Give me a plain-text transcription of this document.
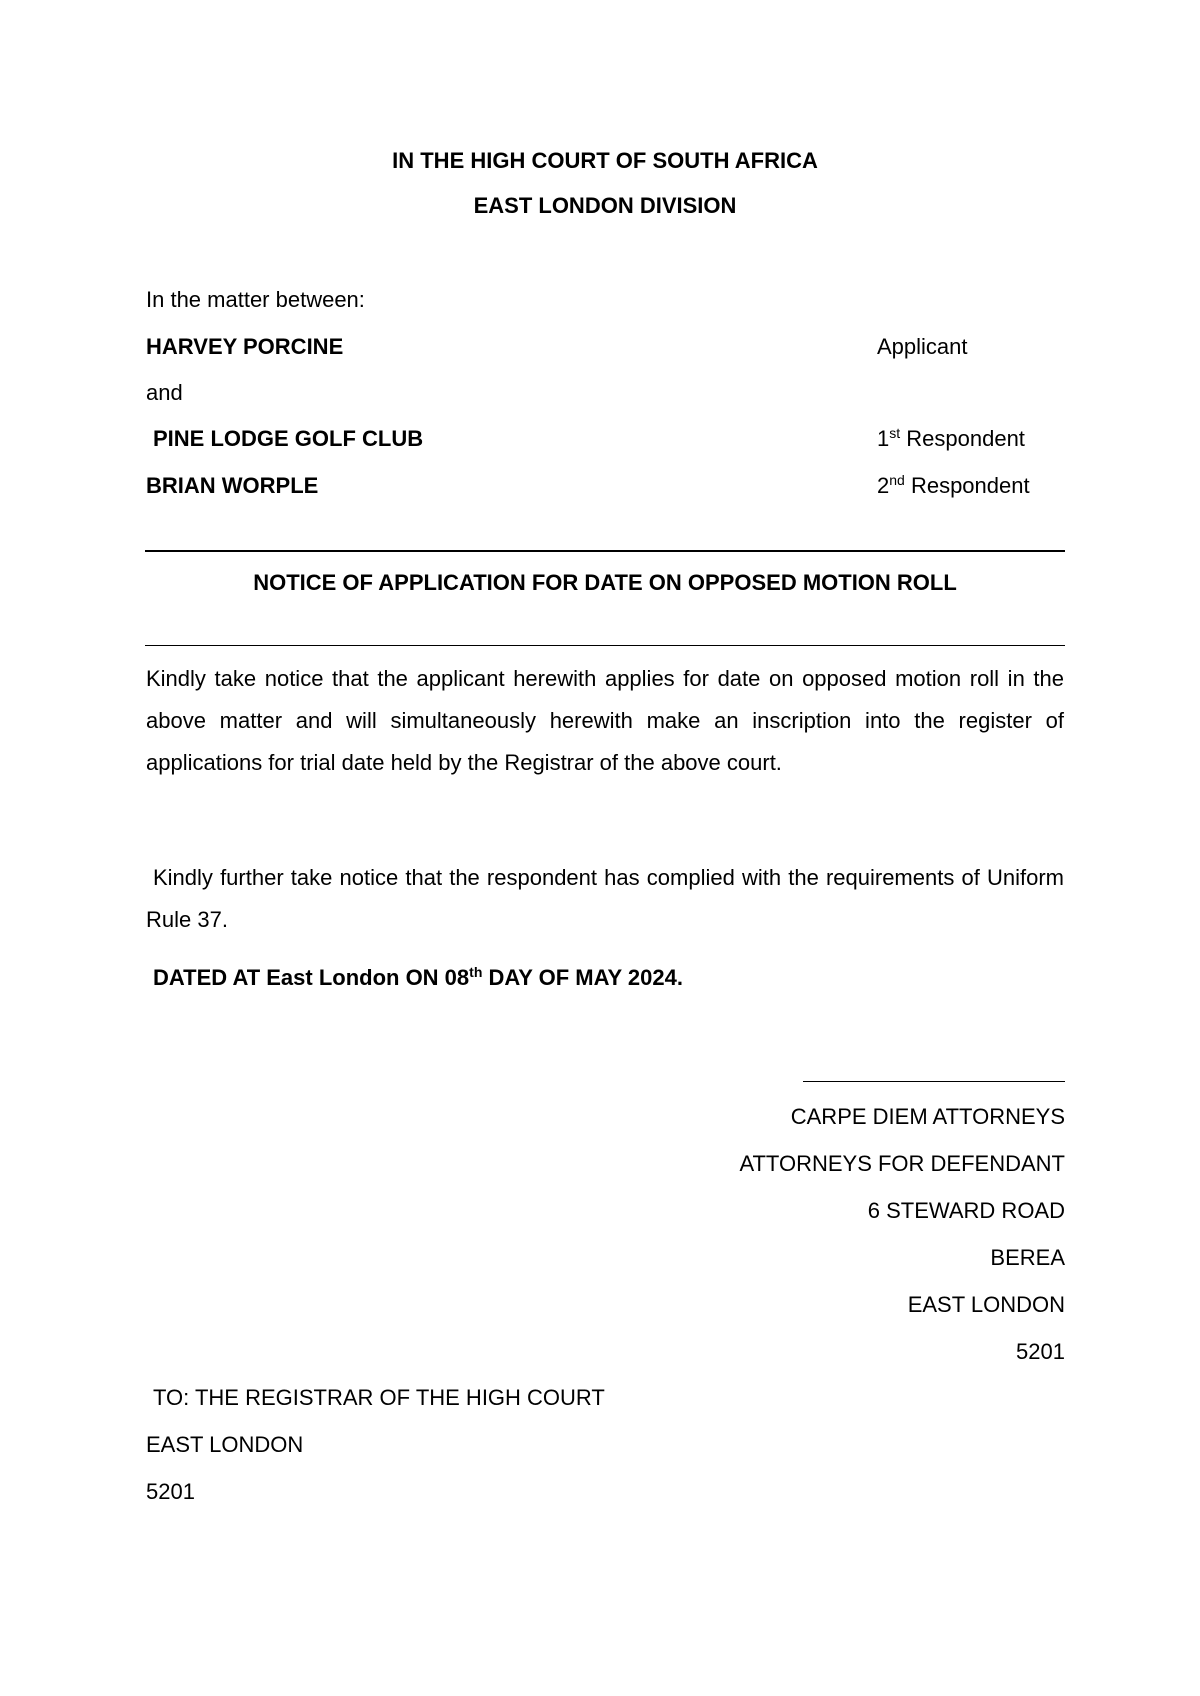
IN THE HIGH COURT OF SOUTH AFRICA
EAST LONDON DIVISION
In the matter between:
HARVEY PORCINE	Applicant
and
PINE LODGE GOLF CLUB	1st Respondent
BRIAN WORPLE	2nd Respondent
NOTICE OF APPLICATION FOR DATE ON OPPOSED MOTION ROLL
Kindly take notice that the applicant herewith applies for date on opposed motion roll in the above matter and will simultaneously herewith make an inscription into the register of applications for trial date held by the Registrar of the above court.
Kindly further take notice that the respondent has complied with the requirements of Uniform Rule 37.
DATED AT East London ON 08th DAY OF MAY 2024.
CARPE DIEM ATTORNEYS
ATTORNEYS FOR DEFENDANT
6 STEWARD ROAD
BEREA
EAST LONDON
5201
TO: THE REGISTRAR OF THE HIGH COURT
EAST LONDON
5201
